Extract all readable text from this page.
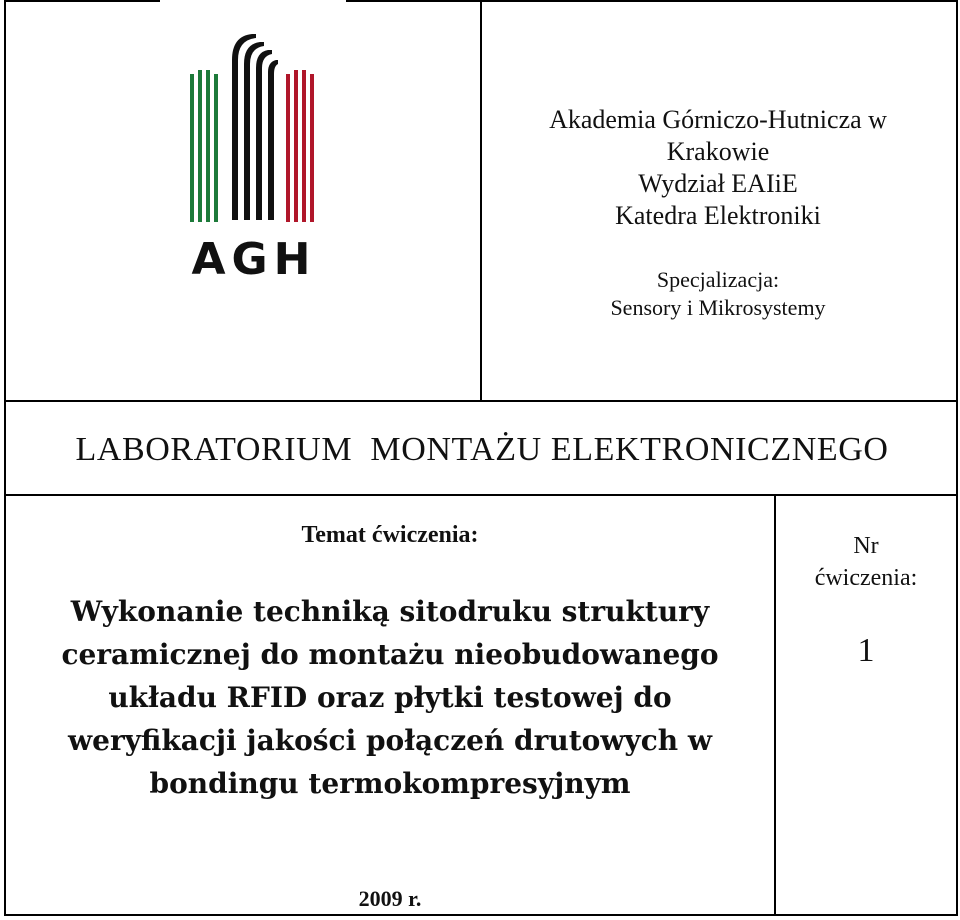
AGH
Akademia Górniczo-Hutnicza w
Krakowie
Wydział EAIiE
Katedra Elektroniki
Specjalizacja:
Sensory i Mikrosystemy
LABORATORIUM  MONTAŻU ELEKTRONICZNEGO
Temat ćwiczenia:
Wykonanie techniką sitodruku struktury
ceramicznej do montażu nieobudowanego
układu RFID oraz płytki testowej do
weryfikacji jakości połączeń drutowych w
bondingu termokompresyjnym
Nr
ćwiczenia:
1
2009 r.
